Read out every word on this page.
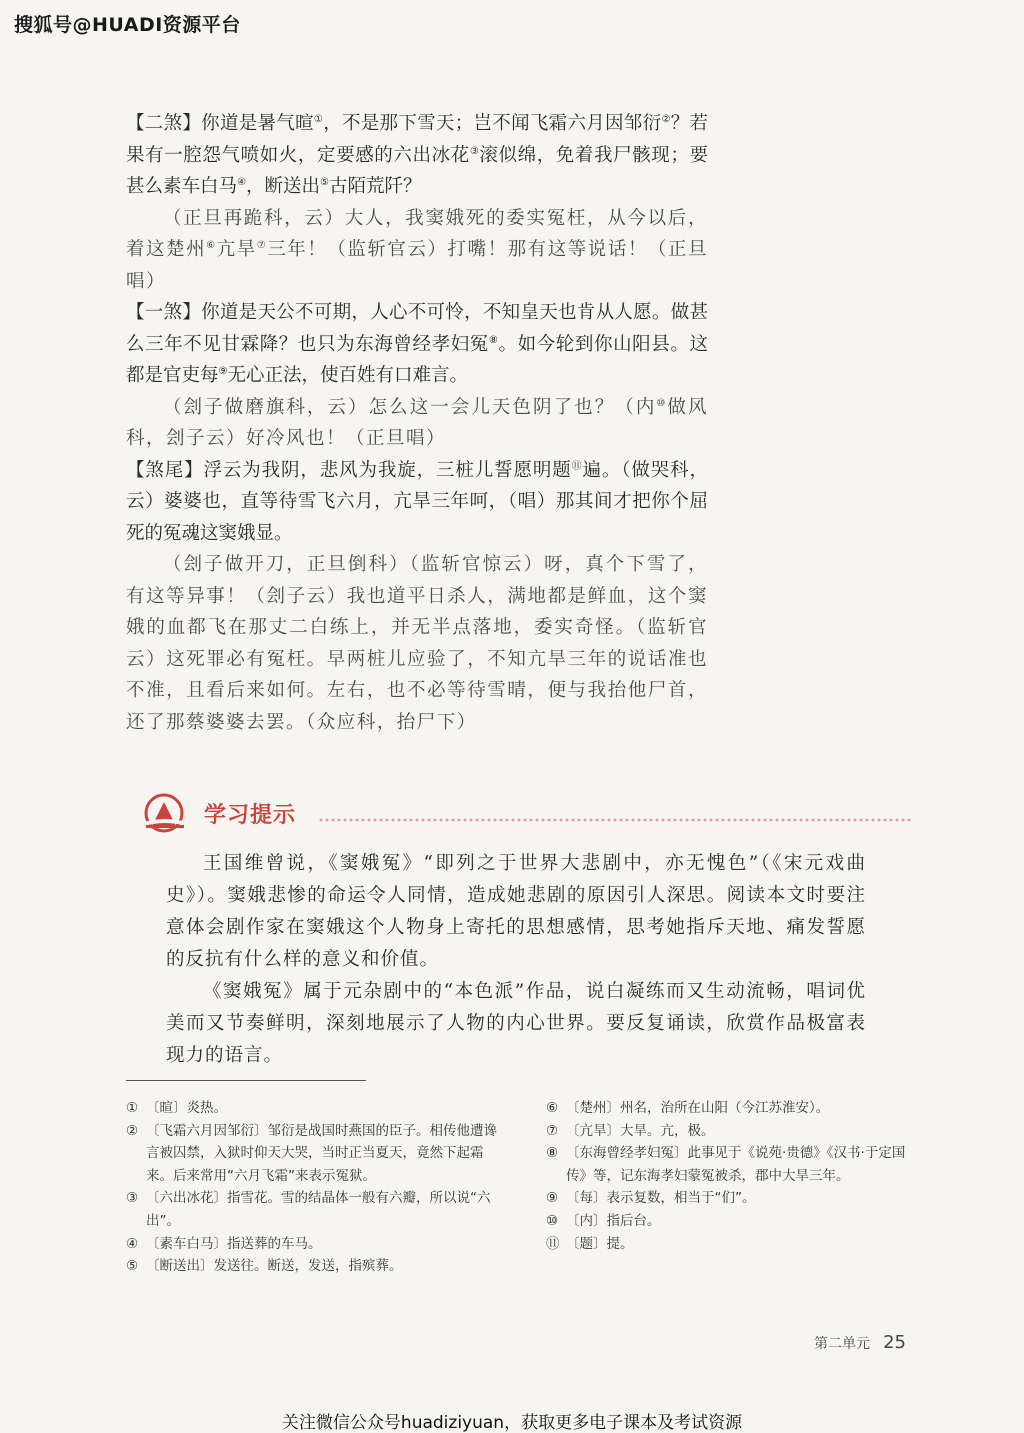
搜狐号@HUADI资源平台

【二煞】你道是暑气暄①，不是那下雪天；岂不闻飞霜六月因邹衍②？若果有一腔怨气喷如火，定要感的六出冰花③滚似绵，免着我尸骸现；要甚么素车白马④，断送出⑤古陌荒阡？

（正旦再跪科，云）大人，我窦娥死的委实冤枉，从今以后，着这楚州⑥亢旱⑦三年！（监斩官云）打嘴！那有这等说话！（正旦唱）

【一煞】你道是天公不可期，人心不可怜，不知皇天也肯从人愿。做甚么三年不见甘霖降？也只为东海曾经孝妇冤⑧。如今轮到你山阳县。这都是官吏每⑨无心正法，使百姓有口难言。

（刽子做磨旗科，云）怎么这一会儿天色阴了也？（内⑩做风科，刽子云）好冷风也！（正旦唱）

【煞尾】浮云为我阴，悲风为我旋，三桩儿誓愿明题⑪遍。（做哭科，云）婆婆也，直等待雪飞六月，亢旱三年呵，（唱）那其间才把你个屈死的冤魂这窦娥显。

（刽子做开刀，正旦倒科）（监斩官惊云）呀，真个下雪了，有这等异事！（刽子云）我也道平日杀人，满地都是鲜血，这个窦娥的血都飞在那丈二白练上，并无半点落地，委实奇怪。（监斩官云）这死罪必有冤枉。早两桩儿应验了，不知亢旱三年的说话准也不准，且看后来如何。左右，也不必等待雪晴，便与我抬他尸首，还了那蔡婆婆去罢。（众应科，抬尸下）

学习提示

王国维曾说，《窦娥冤》“即列之于世界大悲剧中，亦无愧色”（《宋元戏曲史》）。窦娥悲惨的命运令人同情，造成她悲剧的原因引人深思。阅读本文时要注意体会剧作家在窦娥这个人物身上寄托的思想感情，思考她指斥天地、痛发誓愿的反抗有什么样的意义和价值。

《窦娥冤》属于元杂剧中的“本色派”作品，说白凝练而又生动流畅，唱词优美而又节奏鲜明，深刻地展示了人物的内心世界。要反复诵读，欣赏作品极富表现力的语言。

① 〔暄〕炎热。
② 〔飞霜六月因邹衍〕邹衍是战国时燕国的臣子。相传他遭谗言被囚禁，入狱时仰天大哭，当时正当夏天，竟然下起霜来。后来常用“六月飞霜”来表示冤狱。
③ 〔六出冰花〕指雪花。雪的结晶体一般有六瓣，所以说“六出”。
④ 〔素车白马〕指送葬的车马。
⑤ 〔断送出〕发送往。断送，发送，指殡葬。
⑥ 〔楚州〕州名，治所在山阳（今江苏淮安）。
⑦ 〔亢旱〕大旱。亢，极。
⑧ 〔东海曾经孝妇冤〕此事见于《说苑·贵德》《汉书·于定国传》等，记东海孝妇蒙冤被杀，郡中大旱三年。
⑨ 〔每〕表示复数，相当于“们”。
⑩ 〔内〕指后台。
⑪ 〔题〕提。
第二单元 25
关注微信公众号huadiziyuan，获取更多电子课本及考试资源
